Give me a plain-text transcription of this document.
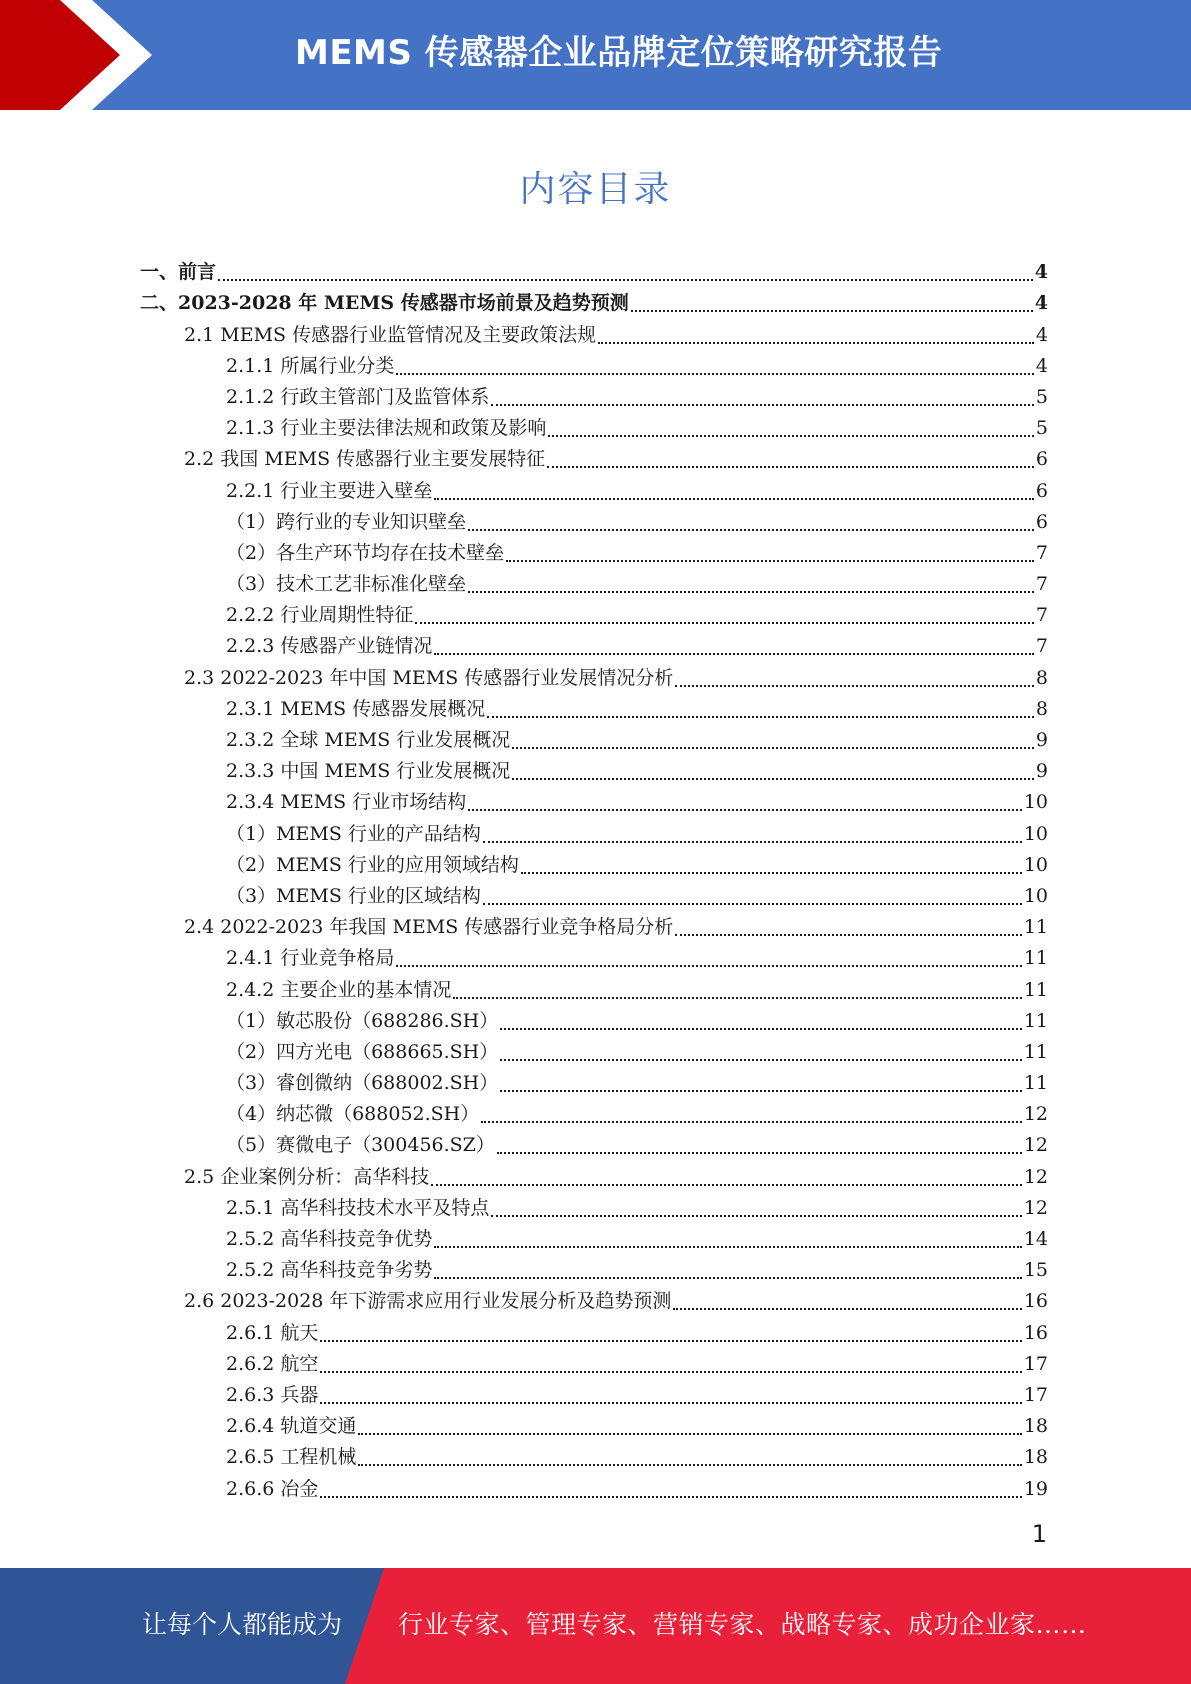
MEMS 传感器企业品牌定位策略研究报告
内容目录
一、前言	4
二、2023-2028 年 MEMS 传感器市场前景及趋势预测	4
2.1 MEMS 传感器行业监管情况及主要政策法规	4
2.1.1 所属行业分类	4
2.1.2 行政主管部门及监管体系	5
2.1.3 行业主要法律法规和政策及影响	5
2.2 我国 MEMS 传感器行业主要发展特征	6
2.2.1 行业主要进入壁垒	6
（1）跨行业的专业知识壁垒	6
（2）各生产环节均存在技术壁垒	7
（3）技术工艺非标准化壁垒	7
2.2.2 行业周期性特征	7
2.2.3 传感器产业链情况	7
2.3 2022-2023 年中国 MEMS 传感器行业发展情况分析	8
2.3.1 MEMS 传感器发展概况	8
2.3.2 全球 MEMS 行业发展概况	9
2.3.3 中国 MEMS 行业发展概况	9
2.3.4 MEMS 行业市场结构	10
（1）MEMS 行业的产品结构	10
（2）MEMS 行业的应用领域结构	10
（3）MEMS 行业的区域结构	10
2.4 2022-2023 年我国 MEMS 传感器行业竞争格局分析	11
2.4.1 行业竞争格局	11
2.4.2 主要企业的基本情况	11
（1）敏芯股份（688286.SH）	11
（2）四方光电（688665.SH）	11
（3）睿创微纳（688002.SH）	11
（4）纳芯微（688052.SH）	12
（5）赛微电子（300456.SZ）	12
2.5 企业案例分析：高华科技	12
2.5.1 高华科技技术水平及特点	12
2.5.2 高华科技竞争优势	14
2.5.2 高华科技竞争劣势	15
2.6 2023-2028 年下游需求应用行业发展分析及趋势预测	16
2.6.1 航天	16
2.6.2 航空	17
2.6.3 兵器	17
2.6.4 轨道交通	18
2.6.5 工程机械	18
2.6.6 冶金	19
1
让每个人都能成为 行业专家、管理专家、营销专家、战略专家、成功企业家……
